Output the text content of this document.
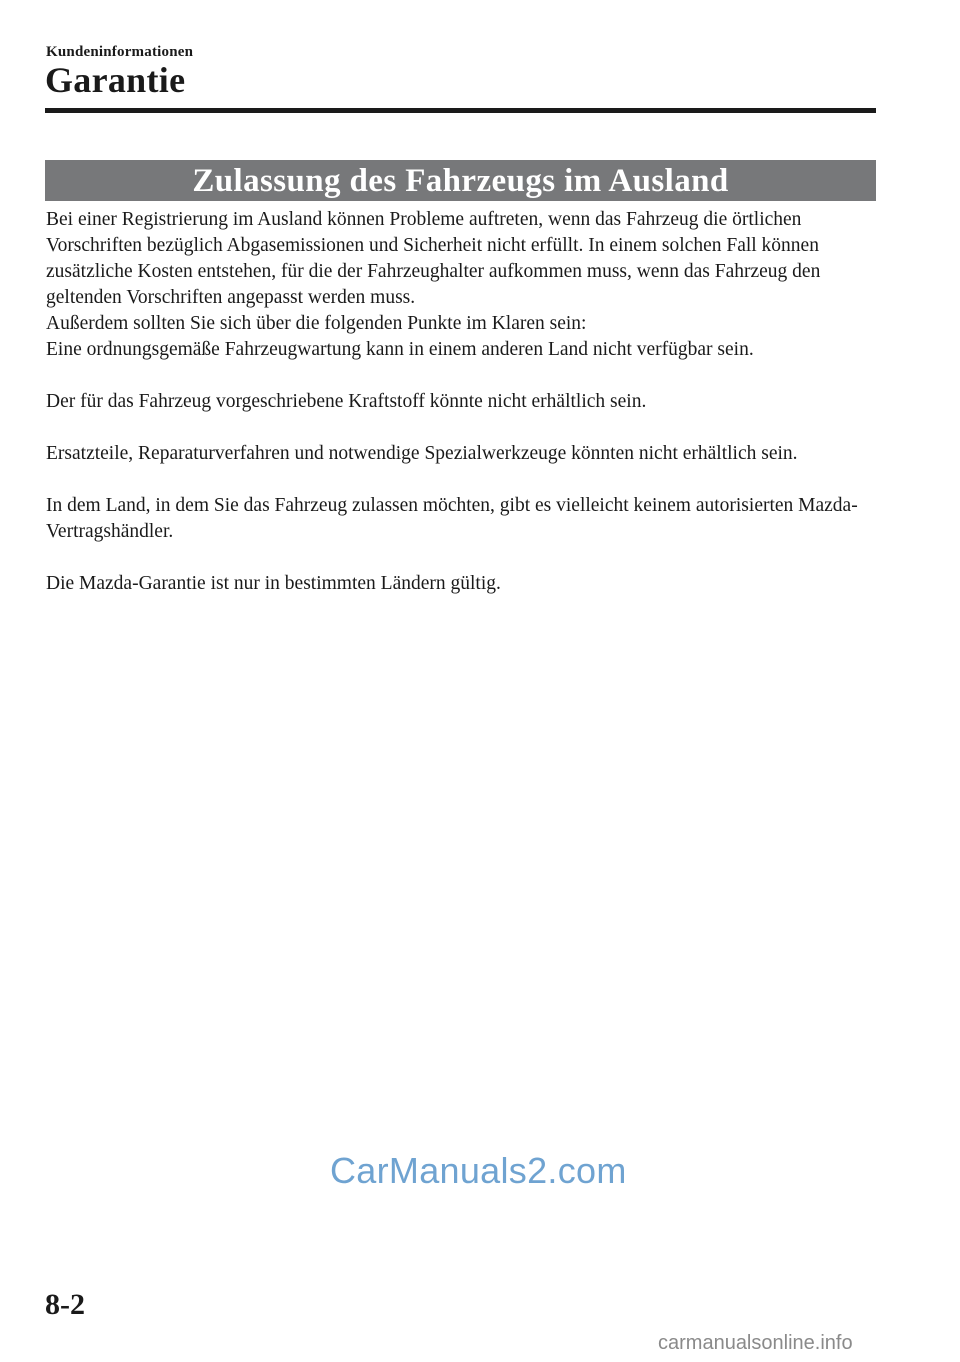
Kundeninformationen
Garantie
Zulassung des Fahrzeugs im Ausland

Bei einer Registrierung im Ausland können Probleme auftreten, wenn das Fahrzeug die örtlichen Vorschriften bezüglich Abgasemissionen und Sicherheit nicht erfüllt. In einem solchen Fall können zusätzliche Kosten entstehen, für die der Fahrzeughalter aufkommen muss, wenn das Fahrzeug den geltenden Vorschriften angepasst werden muss.

Außerdem sollten Sie sich über die folgenden Punkte im Klaren sein:

Eine ordnungsgemäße Fahrzeugwartung kann in einem anderen Land nicht verfügbar sein.

Der für das Fahrzeug vorgeschriebene Kraftstoff könnte nicht erhältlich sein.

Ersatzteile, Reparaturverfahren und notwendige Spezialwerkzeuge könnten nicht erhältlich sein.

In dem Land, in dem Sie das Fahrzeug zulassen möchten, gibt es vielleicht keinem autorisierten Mazda-Vertragshändler.

Die Mazda-Garantie ist nur in bestimmten Ländern gültig.

CarManuals2.com
8-2
carmanualsonline.info
